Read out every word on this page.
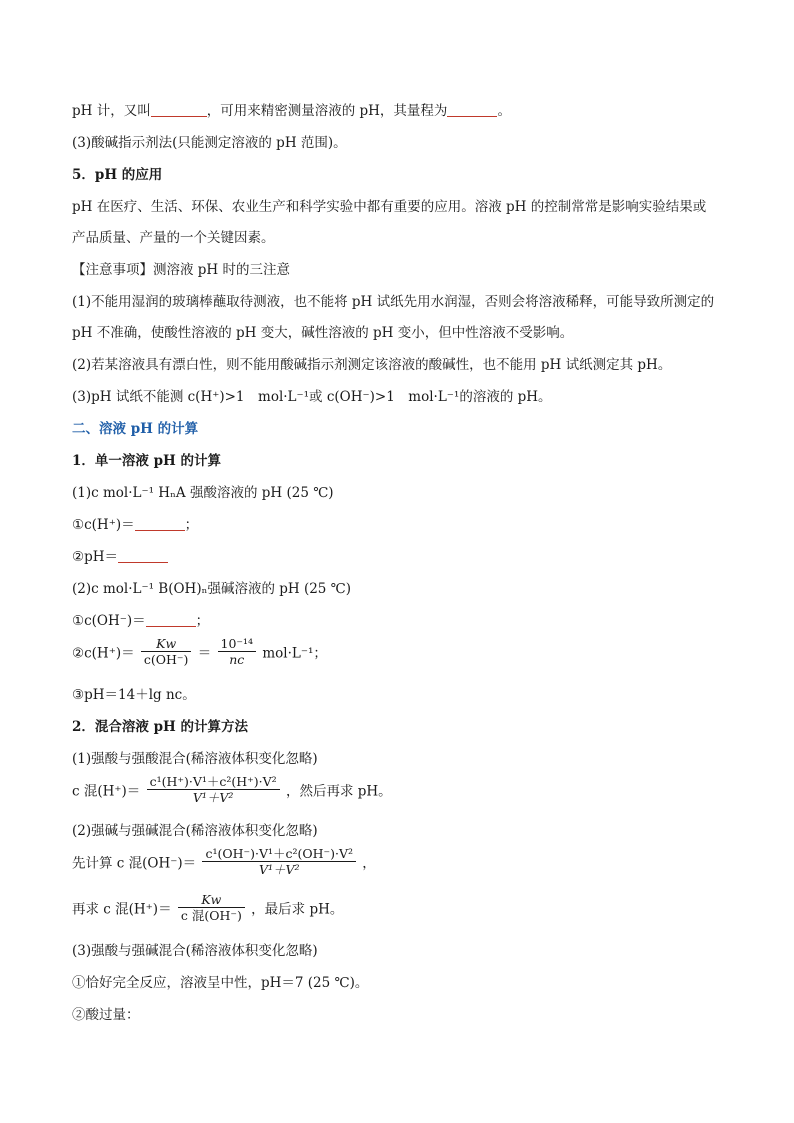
pH 计，又叫	，可用来精密测量溶液的 pH，其量程为	。
(3)酸碱指示剂法(只能测定溶液的 pH 范围)。
5．pH 的应用
pH 在医疗、生活、环保、农业生产和科学实验中都有重要的应用。溶液 pH 的控制常常是影响实验结果或
产品质量、产量的一个关键因素。
【注意事项】测溶液 pH 时的三注意
(1)不能用湿润的玻璃棒蘸取待测液，也不能将 pH 试纸先用水润湿，否则会将溶液稀释，可能导致所测定的
pH 不准确，使酸性溶液的 pH 变大，碱性溶液的 pH 变小，但中性溶液不受影响。
(2)若某溶液具有漂白性，则不能用酸碱指示剂测定该溶液的酸碱性，也不能用 pH 试纸测定其 pH。
(3)pH 试纸不能测 c(H⁺)>1　mol·L⁻¹或 c(OH⁻)>1　mol·L⁻¹的溶液的 pH。
二、溶液 pH 的计算
1．单一溶液 pH 的计算
(1)c mol·L⁻¹ HₙA 强酸溶液的 pH (25 ℃)
①c(H⁺)＝	；
②pH＝
(2)c mol·L⁻¹ B(OH)ₙ强碱溶液的 pH (25 ℃)
①c(OH⁻)＝	；
②c(H⁺)＝ $\frac{Kw}{c(OH^-)} = \frac{\text{10⁻¹⁴}}{nc} mol\cdot L^{-1}$；
③pH＝14＋lg nc。
2．混合溶液 pH 的计算方法
(1)强酸与强酸混合(稀溶液体积变化忽略)
c 混$(H^+)= \frac{\text{c¹(H⁺)·V¹＋c²(H⁺)·V²}}{\text{V¹＋V²}}$ ，然后再求 pH。
(2)强碱与强碱混合(稀溶液体积变化忽略)
先计算 c 混$(OH^-)= \frac{\text{c¹(OH⁻)·V¹＋c²(OH⁻)·V²}}{\text{V¹＋V²}}$ ，
再求 c 混$(H^+)= \frac{Kw}{\text{c 混(OH⁻)}}$ ，最后求 pH。
(3)强酸与强碱混合(稀溶液体积变化忽略)
①恰好完全反应，溶液呈中性，pH＝7 (25 ℃)。
②酸过量：
